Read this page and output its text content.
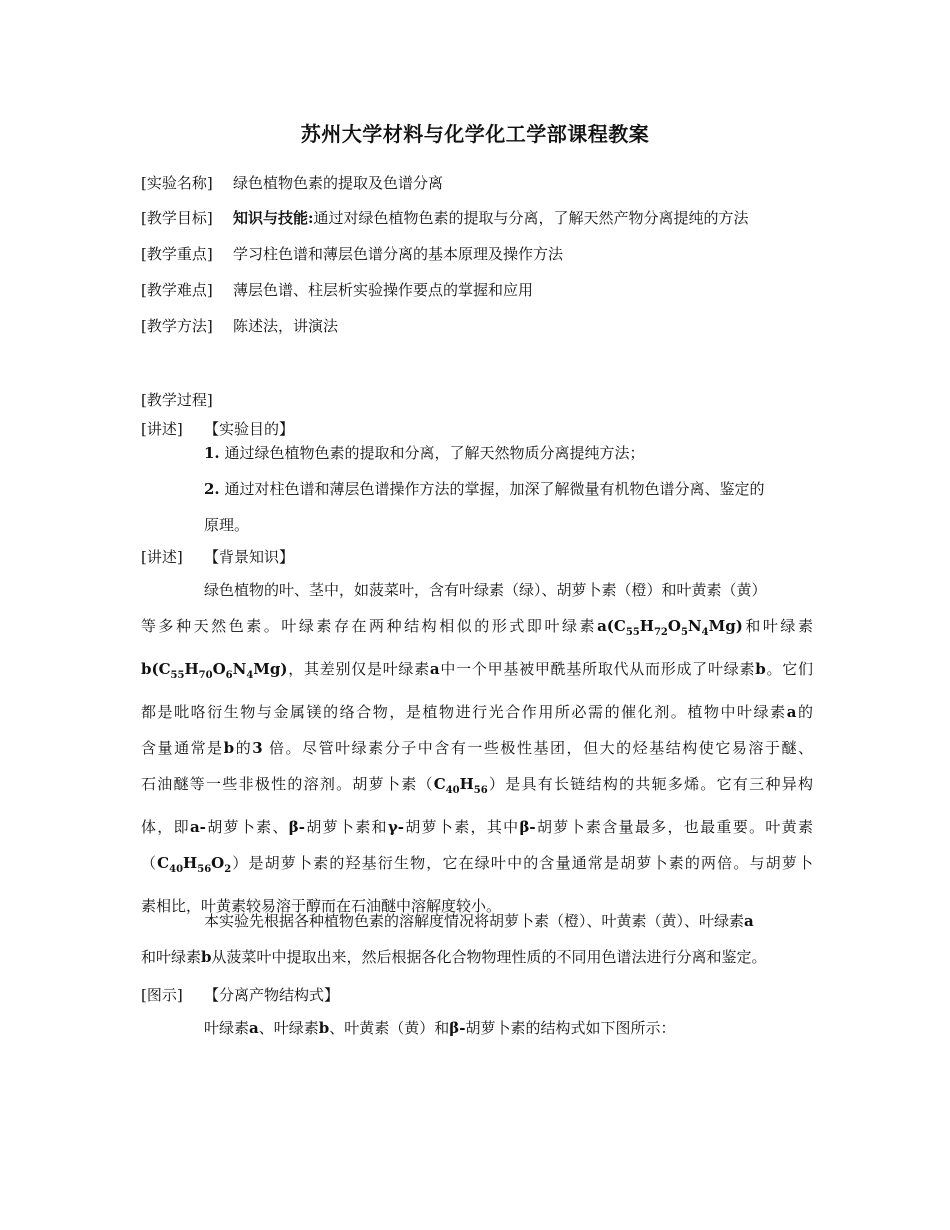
苏州大学材料与化学化工学部课程教案
[实验名称] 绿色植物色素的提取及色谱分离
[教学目标] 知识与技能:通过对绿色植物色素的提取与分离，了解天然产物分离提纯的方法
[教学重点] 学习柱色谱和薄层色谱分离的基本原理及操作方法
[教学难点] 薄层色谱、柱层析实验操作要点的掌握和应用
[教学方法] 陈述法，讲演法
[教学过程]
[讲述] 【实验目的】
1. 通过绿色植物色素的提取和分离，了解天然物质分离提纯方法；
2. 通过对柱色谱和薄层色谱操作方法的掌握，加深了解微量有机物色谱分离、鉴定的
原理。
[讲述] 【背景知识】
绿色植物的叶、茎中，如菠菜叶，含有叶绿素（绿）、胡萝卜素（橙）和叶黄素（黄）
等多种天然色素。叶绿素存在两种结构相似的形式即叶绿素$a(C_{55}H_{72}O_5N_4Mg)$和叶绿素
$b(C_{55}H_{70}O_6N_4Mg)$，其差别仅是叶绿素a中一个甲基被甲酰基所取代从而形成了叶绿素b。它们
都是吡咯衍生物与金属镁的络合物，是植物进行光合作用所必需的催化剂。植物中叶绿素a的
含量通常是b的3 倍。尽管叶绿素分子中含有一些极性基团，但大的烃基结构使它易溶于醚、
石油醚等一些非极性的溶剂。胡萝卜素$(C_{40}H_{56})$是具有长链结构的共轭多烯。它有三种异构
体，即a-胡萝卜素、β-胡萝卜素和γ-胡萝卜素，其中β-胡萝卜素含量最多，也最重要。叶黄素
$(C_{40}H_{56}O_2)$是胡萝卜素的羟基衍生物，它在绿叶中的含量通常是胡萝卜素的两倍。与胡萝卜
素相比，叶黄素较易溶于醇而在石油醚中溶解度较小。
本实验先根据各种植物色素的溶解度情况将胡萝卜素（橙）、叶黄素（黄）、叶绿素a
和叶绿素b从菠菜叶中提取出来，然后根据各化合物物理性质的不同用色谱法进行分离和鉴定。
[图示] 【分离产物结构式】
叶绿素a、叶绿素b、叶黄素（黄）和β-胡萝卜素的结构式如下图所示：
